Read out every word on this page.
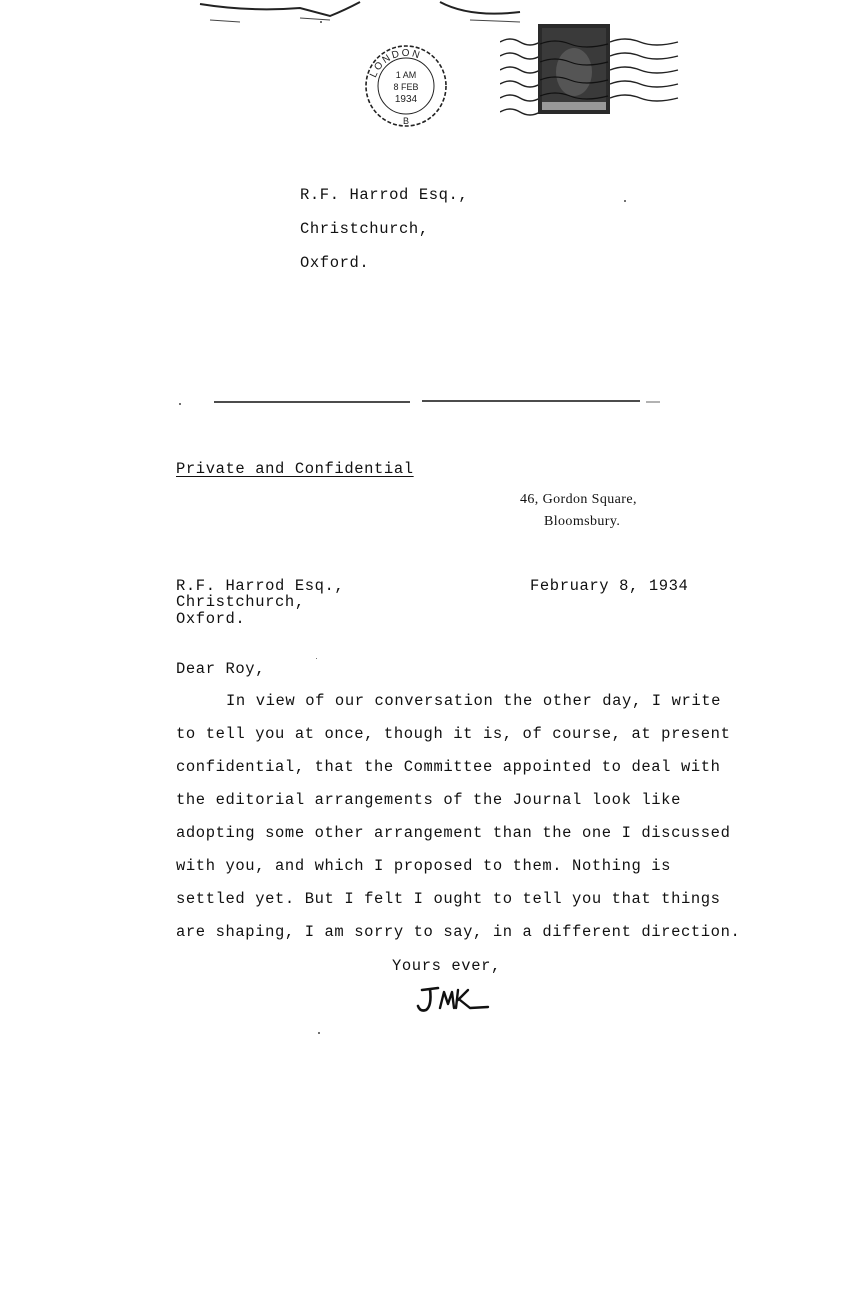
LONDON
1 AM
8 FEB
1934
B
R.F. Harrod Esq.,
Christchurch,
Oxford.
Private and Confidential
46, Gordon Square,
Bloomsbury.
R.F. Harrod Esq.,
Christchurch,
Oxford.
February 8, 1934
Dear Roy,
In view of our conversation the other day, I write
to tell you at once, though it is, of course, at present
confidential, that the Committee appointed to deal with
the editorial arrangements of the Journal look like
adopting some other arrangement than the one I discussed
with you, and which I proposed to them. Nothing is
settled yet. But I felt I ought to tell you that things
are shaping, I am sorry to say, in a different direction.
Yours ever,
